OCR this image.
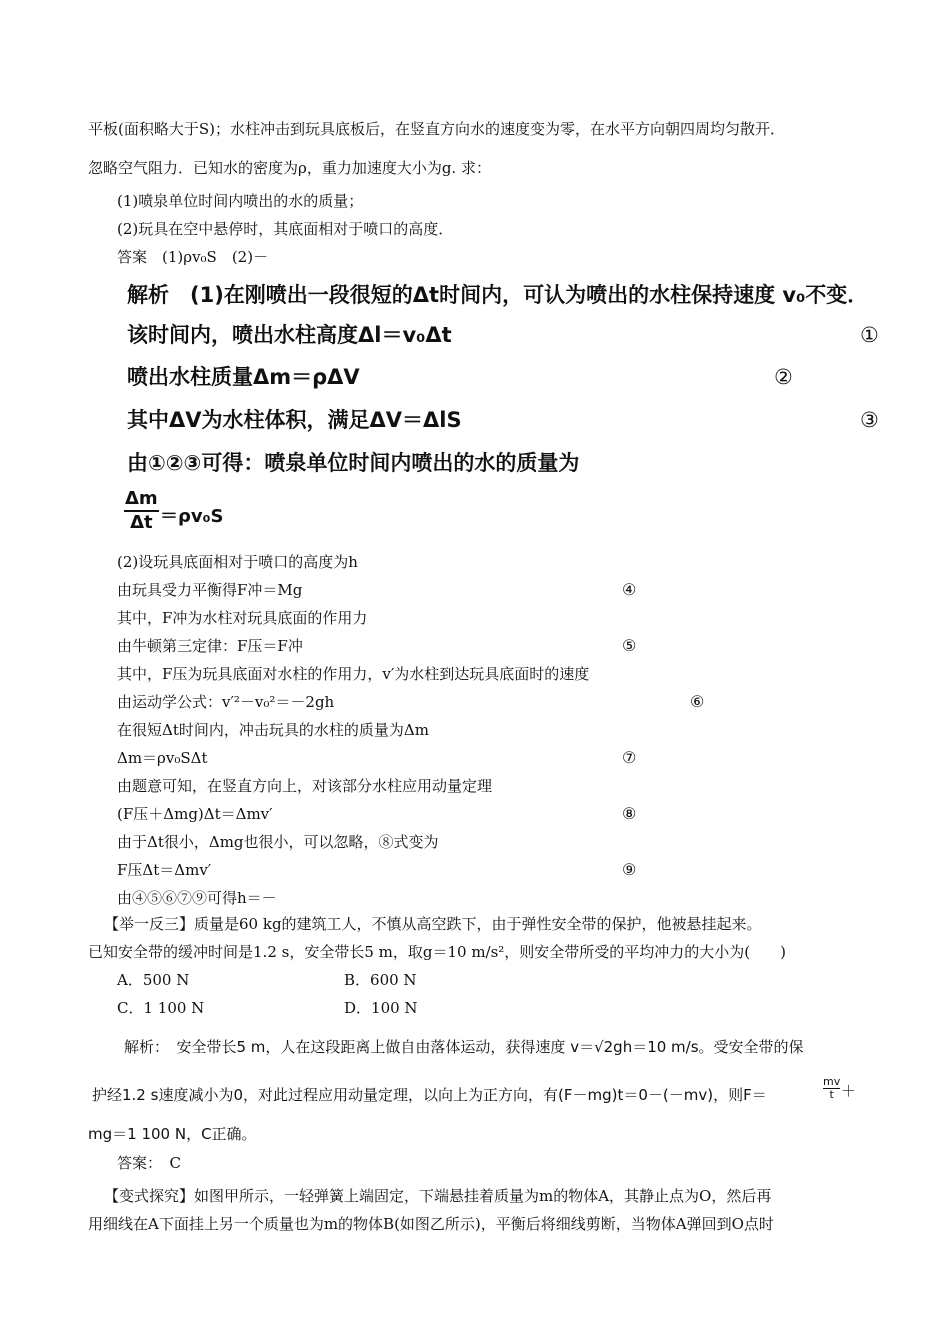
平板(面积略大于S)；水柱冲击到玩具底板后，在竖直方向水的速度变为零，在水平方向朝四周均匀散开．
忽略空气阻力．已知水的密度为ρ，重力加速度大小为g. 求：
(1)喷泉单位时间内喷出的水的质量；
(2)玩具在空中悬停时，其底面相对于喷口的高度．
答案　(1)ρv₀S　(2)－
解析　(1)在刚喷出一段很短的Δt时间内，可认为喷出的水柱保持速度 v₀不变．
该时间内，喷出水柱高度Δl＝v₀Δt	①
喷出水柱质量Δm＝ρΔV	②
其中ΔV为水柱体积，满足ΔV＝ΔlS	③
由①②③可得：喷泉单位时间内喷出的水的质量为
$\frac{\Delta m}{\Delta t} =\rho v_0S$
(2)设玩具底面相对于喷口的高度为h
由玩具受力平衡得F冲＝Mg	④
其中，F冲为水柱对玩具底面的作用力
由牛顿第三定律：F压＝F冲	⑤
其中，F压为玩具底面对水柱的作用力，v′为水柱到达玩具底面时的速度
由运动学公式：v′²－v₀²＝－2gh	⑥
在很短Δt时间内，冲击玩具的水柱的质量为Δm
Δm＝ρv₀SΔt	⑦
由题意可知，在竖直方向上，对该部分水柱应用动量定理
(F压＋Δmg)Δt＝Δmv′	⑧
由于Δt很小，Δmg也很小，可以忽略，⑧式变为
F压Δt＝Δmv′	⑨
由④⑤⑥⑦⑨可得h＝－
【举一反三】质量是60 kg的建筑工人，不慎从高空跌下，由于弹性安全带的保护，他被悬挂起来。
已知安全带的缓冲时间是1.2 s，安全带长5 m，取g＝10 m/s²，则安全带所受的平均冲力的大小为(　　)
A．500 N	B．600 N
C．1 100 N	D．100 N
解析：　安全带长5 m，人在这段距离上做自由落体运动，获得速度 v＝√2gh＝10 m/s。受安全带的保
护经1.2 s速度减小为0，对此过程应用动量定理，以向上为正方向，有(F－mg)t＝0－(－mv)，则F＝	$\frac{mv}{t}$ ＋
mg＝1 100 N，C正确。
答案：　C
【变式探究】如图甲所示，一轻弹簧上端固定，下端悬挂着质量为m的物体A，其静止点为O，然后再
用细线在A下面挂上另一个质量也为m的物体B(如图乙所示)，平衡后将细线剪断，当物体A弹回到O点时
